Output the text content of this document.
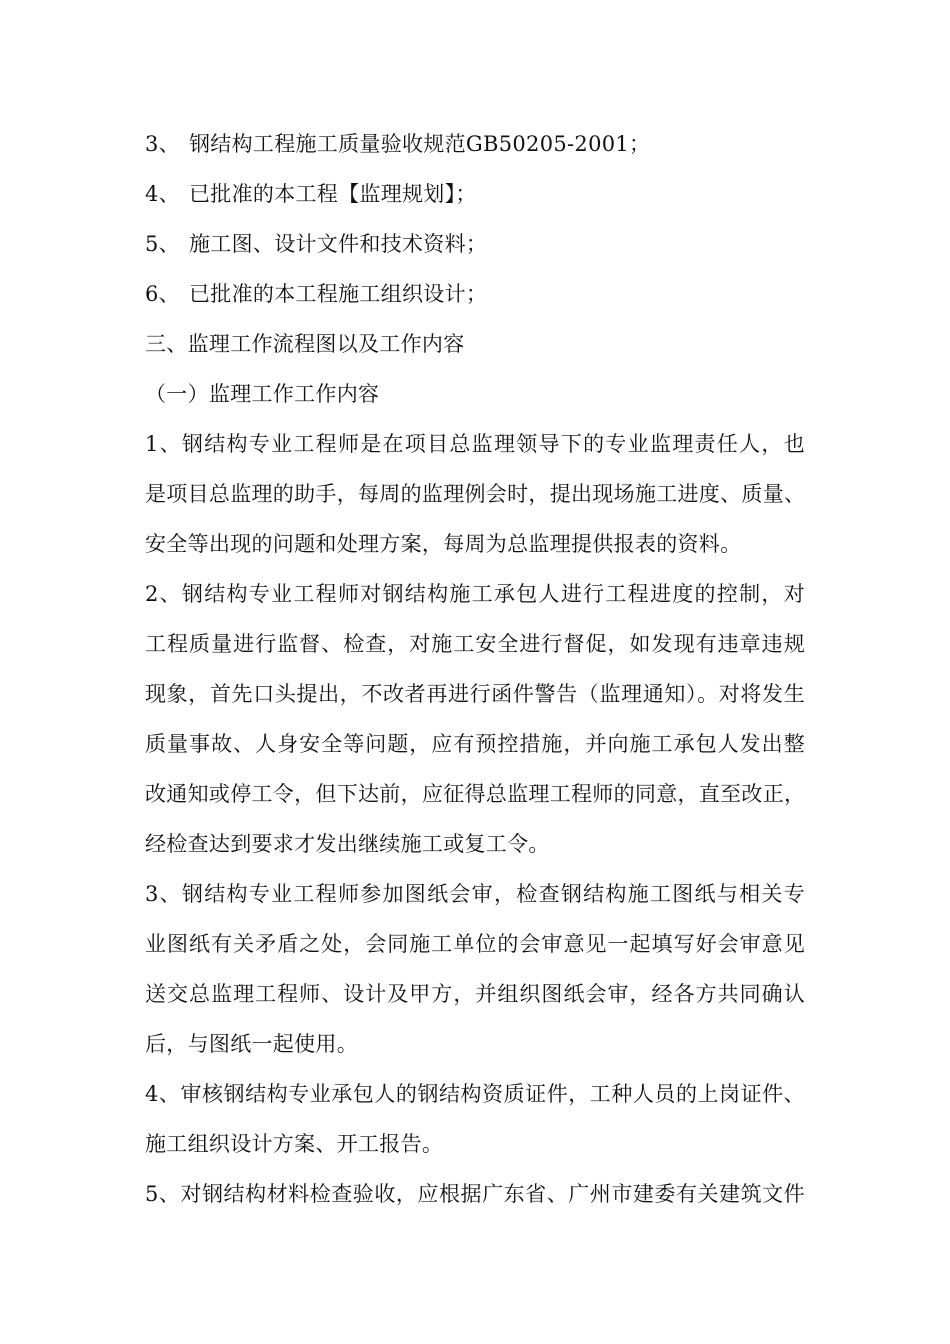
3、 钢结构工程施工质量验收规范GB50205-2001；
4、 已批准的本工程【监理规划】；
5、 施工图、设计文件和技术资料；
6、 已批准的本工程施工组织设计；
三、监理工作流程图以及工作内容
（一）监理工作工作内容
1、钢结构专业工程师是在项目总监理领导下的专业监理责任人，也
是项目总监理的助手，每周的监理例会时，提出现场施工进度、质量、
安全等出现的问题和处理方案，每周为总监理提供报表的资料。
2、钢结构专业工程师对钢结构施工承包人进行工程进度的控制，对
工程质量进行监督、检查，对施工安全进行督促，如发现有违章违规
现象，首先口头提出，不改者再进行函件警告（监理通知）。对将发生
质量事故、人身安全等问题，应有预控措施，并向施工承包人发出整
改通知或停工令，但下达前，应征得总监理工程师的同意，直至改正，
经检查达到要求才发出继续施工或复工令。
3、钢结构专业工程师参加图纸会审，检查钢结构施工图纸与相关专
业图纸有关矛盾之处，会同施工单位的会审意见一起填写好会审意见
送交总监理工程师、设计及甲方，并组织图纸会审，经各方共同确认
后，与图纸一起使用。
4、审核钢结构专业承包人的钢结构资质证件，工种人员的上岗证件、
施工组织设计方案、开工报告。
5、对钢结构材料检查验收，应根据广东省、广州市建委有关建筑文件
